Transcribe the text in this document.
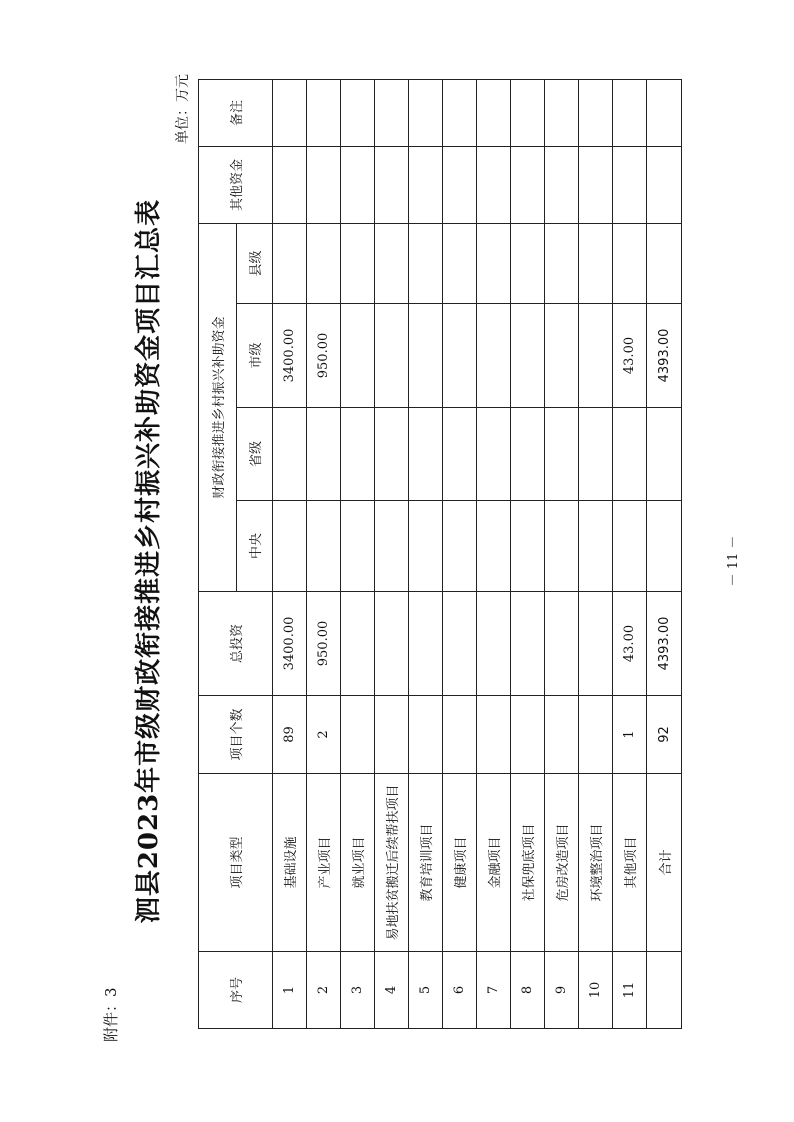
附件：3
泗县2023年市级财政衔接推进乡村振兴补助资金项目汇总表
单位：万元
序号	项目类型	项目个数	总投资	财政衔接推进乡村振兴补助资金				其他资金	备注
				中央	省级	市级	县级		
1	基础设施	89	3400.00			3400.00			
2	产业项目	2	950.00			950.00			
3	就业项目								
4	易地扶贫搬迁后续帮扶项目								
5	教育培训项目								
6	健康项目								
7	金融项目								
8	社保兜底项目								
9	危房改造项目								
10	环境整治项目								
11	其他项目	1	43.00			43.00			
	合计	92	4393.00			4393.00			
－ 11 －
